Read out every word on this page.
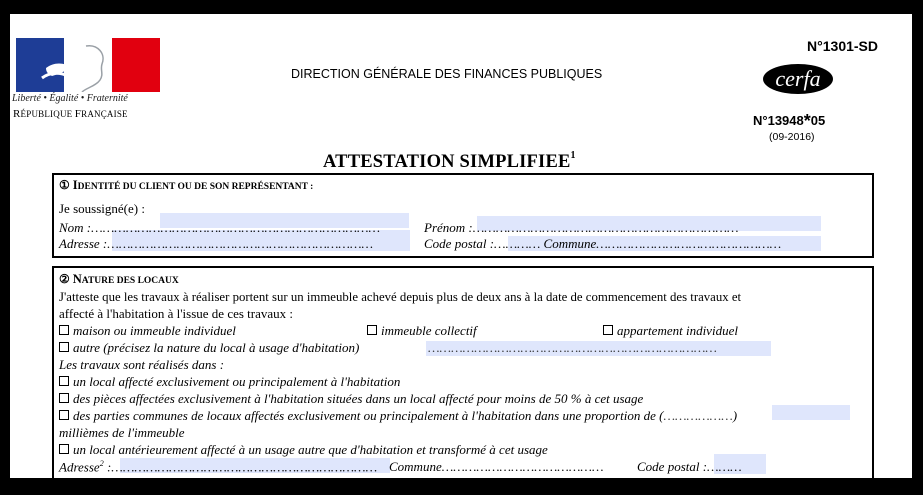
Liberté • Égalité • Fraternité
RÉPUBLIQUE FRANÇAISE
DIRECTION GÉNÉRALE DES FINANCES PUBLIQUES
N°1301-SD
cerfa
N°13948*05
(09-2016)
ATTESTATION SIMPLIFIEE$^1$
① IDENTITÉ DU CLIENT OU DE SON REPRÉSENTANT :
Je soussigné(e) :
Nom :…………………………………………………………………	Prénom :……………………………………………………………
Adresse :……………………………………………………………	Code postal :………… Commune…………………………………………
② NATURE DES LOCAUX
J'atteste que les travaux à réaliser portent sur un immeuble achevé depuis plus de deux ans à la date de commencement des travaux et
affecté à l'habitation à l'issue de ces travaux :
maison ou immeuble individuel	immeuble collectif	appartement individuel
autre (précisez la nature du local à usage d'habitation)	…………………………………………………………………
Les travaux sont réalisés dans :
un local affecté exclusivement ou principalement à l'habitation
des pièces affectées exclusivement à l'habitation situées dans un local affecté pour moins de 50 % à cet usage
des parties communes de locaux affectés exclusivement ou principalement à l'habitation dans une proportion de (………………)
millièmes de l'immeuble
un local antérieurement affecté à un usage autre que d'habitation et transformé à cet usage
Adresse$^2$ :…………………………………………………………… Commune……………………………………	Code postal :………
